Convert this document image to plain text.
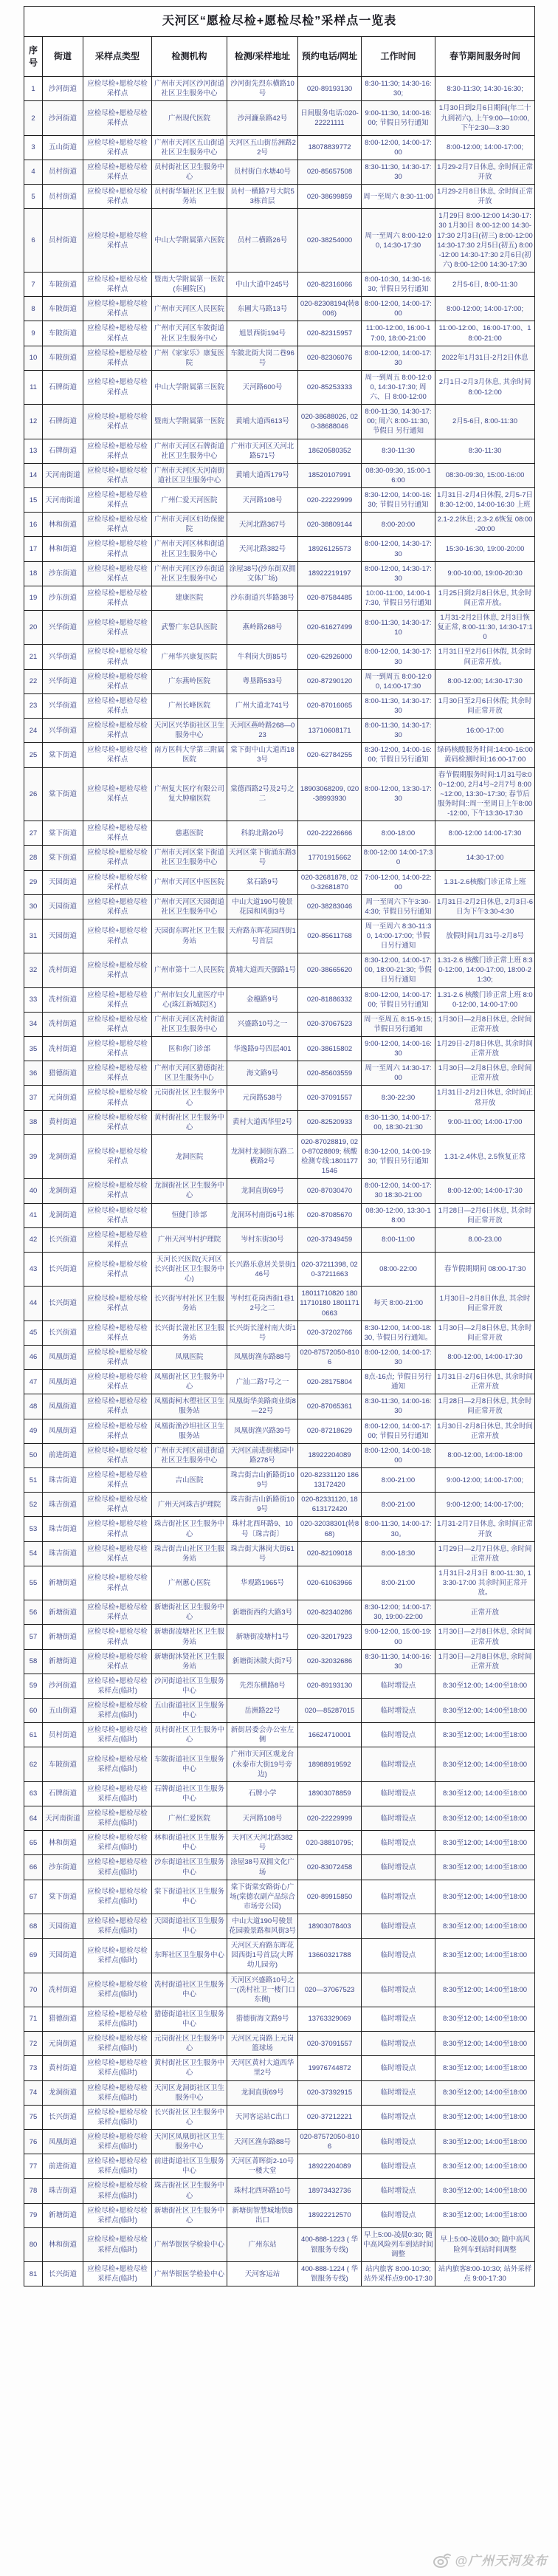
天河区“愿检尽检+愿检尽检”采样点一览表							
序号	街道	采样点类型	检测机构	检测/采样地址	预约电话/网址	工作时间	春节期间服务时间
1	沙河街道	应检尽检+愿检尽检采样点	广州市天河区沙河街道社区卫生服务中心	沙河街先烈东横路10号	020-89193130	8:30-11:30; 14:30-16:30;	8:30-11:30; 14:30-16:30;
2	沙河街道	应检尽检+愿检尽检采样点	广州现代医院	沙河濂泉路42号	日间服务电话:020-22221111	9:00-11:30, 14:00-16:00; 节假日另行通知	1月30日到2月6日期间(年二十九到初六), 上午9:00—10:00, 下午2:30—3:30
3	五山街道	应检尽检+愿检尽检采样点	广州市天河区五山街道社区卫生服务中心	天河区五山街岳洲路22号	18078839772	8:00-12:00, 14:00-17:00	8:00-12:00; 14:00-17:00;
4	员村街道	应检尽检+愿检尽检采样点	员村街社区卫生服务中心	员村街白水塘40号	020-85657508	8:30-11:30, 14:30-17:30	1月29-2月7日休息, 余时间正常开放
5	员村街道	应检尽检+愿检尽检采样点	员村街华颖社区卫生服务站	员村一横路7号大院53栋首层	020-38699859	周一至周六 8:30-11:00	1月29-2月8日休息, 余时间正常开放
6	员村街道	应检尽检+愿检尽检采样点	中山大学附属第六医院	员村二横路26号	020-38254000	周一至周六 8:00-12:00, 14:30-17:30	1月29日 8:00-12:00 14:30-17:30 1月30日 8:00-12:00 14:30-17:30 2月3日(初三) 8:00-12:00 14:30-17:30 2月5日(初五) 8:00-12:00 14:30-17:30 2月6日(初六) 8:00-12:00 14:30-17:30
7	车陂街道	应检尽检+愿检尽检采样点	暨南大学附属第一医院(东圃院区)	中山大道中245号	020-82316066	8:00-10:30, 14:30-16:30; 节假日另行通知	2月5-6日, 8:00-11:30
8	车陂街道	应检尽检+愿检尽检采样点	广州市天河区人民医院	东圃大马路13号	020-82308194(转8006)	8:00-12:00, 14:00-17:00	8:00-12:00; 14:00-17:00;
9	车陂街道	应检尽检+愿检尽检采样点	广州市天河区车陂街道社区卫生服务中心	旭景西街194号	020-82315957	11:00-12:00, 16:00-17:00, 18:00-21:00	11:00-12:00、16:00-17:00、18:00-21:00
10	车陂街道	应检尽检+愿检尽检采样点	广州《家家乐》康复医院	车陂北街大岗二巷96号	020-82306076	8:00-12:00, 14:00-17:30	2022年1月31日-2月2日休息
11	石牌街道	应检尽检+愿检尽检采样点	中山大学附属第三医院	天河路600号	020-85253333	周一到周五 8:00-12:00, 14:30-17:30; 周六、日 8:00-12:00	2月1日-2月3月休息, 其余时间8:00-12:00
12	石牌街道	应检尽检+愿检尽检采样点	暨南大学附属第一医院	黄埔大道西613号	020-38688026, 020-38688046	8:00-11:30, 14:30-17:00; 周六 8:00-11:30, 节假日 另行通知	2月5-6日, 8:00-11:30
13	石牌街道	应检尽检+愿检尽检采样点	广州市天河区石牌街道社区卫生服务中心	广州市天河区天河北路571号	18620580352	8:30-11:30	8:30-11:30
14	天河南街道	应检尽检+愿检尽检采样点	广州市天河区天河南街道社区卫生服务中心	黄埔大道西179号	18520107991	08:30-09:30, 15:00-16:00	08:30-09:30, 15:00-16:00
15	天河南街道	应检尽检+愿检尽检采样点	广州仁爱天河医院	天河路108号	020-22229999	8:30-12:00, 14:00-16:30; 节假日另行通知	1月31日-2月4日休假, 2月5-7日 8:30-12:00, 14:00-16:30 上班
16	林和街道	应检尽检+愿检尽检采样点	广州市天河区妇幼保健院	天河北路367号	020-38809144	8:00-20:00	2.1-2.2休息; 2.3-2.6恢复 08:00-20:00
17	林和街道	应检尽检+愿检尽检采样点	广州市天河区林和街道社区卫生服务中心	天河北路382号	18926125573	8:00-12:00, 14:30-17:30	15:30-16:30, 19:00-20:00
18	沙东街道	应检尽检+愿检尽检采样点	广州市天河区沙东街道社区卫生服务中心	涂屋38号(沙东街双拥文体广场)	18922219197	8:00-12:00, 14:30-17:30	9:00-10:00, 19:00-20:30
19	沙东街道	应检尽检+愿检尽检采样点	建康医院	沙东街道兴华路38号	020-87584485	10:00-11:00, 14:00-17:30, 节假日另行通知	1月25日到2月8日休息, 其余时间正常开放。
20	兴华街道	应检尽检+愿检尽检采样点	武警广东总队医院	燕岭路268号	020-61627499	8:00-11:30, 14:30-17:10	1月31-2月2日休息, 2月3日恢复正常, 8:00-11:30, 14:30-17:10
21	兴华街道	应检尽检+愿检尽检采样点	广州华兴康复医院	牛利岗大街85号	020-62926000	8:00-12:00, 14:30-17:30	1月31日至2月6日休假, 其余时间正常开放。
22	兴华街道	应检尽检+愿检尽检采样点	广东燕岭医院	粤垦路533号	020-87290120	周一到周五 8:00-12:00, 14:00-17:30	8:00-12:00; 14:30-17:30
23	兴华街道	应检尽检+愿检尽检采样点	广州长峰医院	广州大道北741号	020-87016065	8:00-11:30, 14:30-17:30	1月30日至2月6日休假; 其余时间正常开放
24	兴华街道	应检尽检+愿检尽检采样点	天河区兴华街社区卫生服务中心	天河区燕岭路268—023	13710608171	8:00-11:30, 14:30-17:30	16:00-17:00
25	棠下街道	应检尽检+愿检尽检采样点	南方医科大学第三附属医院	棠下街中山大道西183号	020-62784255	8:30-12:00, 14:00-16:00; 节假日另行通知	绿码核酸服务时间:14:00-16:00 黄码检测时间:16:00-17:00
26	棠下街道	应检尽检+愿检尽检采样点	广州复大医疗有限公司复大肿瘤医院	棠德西路2号及2号之二	18903068209, 020-38993930	8:00-12:00, 13:30-17:30	春节假期服务时间:1月31号8:00~12:00, 2月4号~2月7号 8:00~12:00, 13:30~17:30; 春节后服务时间::周一至周日上午8:00-12:00, 下午13:30-17:30
27	棠下街道	应检尽检+愿检尽检采样点	慈惠医院	科韵北路20号	020-22226666	8:00-18:00	8:00-12:00 14:00-17:30
28	棠下街道	应检尽检+愿检尽检采样点	广州市天河区棠下街道社区卫生服务中心	天河区棠下街涌东路3号	17701915662	8:00-12:00 14:00-17:30	14:30-17:00
29	天园街道	应检尽检+愿检尽检采样点	广州市天河区中医医院	棠石路9号	020-32681878, 020-32681870	7:00-12:00, 14:00-22:00	1.31-2.6核酸门诊正常上班
30	天园街道	应检尽检+愿检尽检采样点	广州市天河区天园街道社区卫生服务中心	中山大道190号骏景花园和风街3号	020-38283046	周一至周六下午3:30-4:30; 节假日另行通知	1月31日-2月2日休息, 2月3日-6日为下午3:30-4:30
31	天园街道	应检尽检+愿检尽检采样点	天园街东晖社区卫生服务站	天府路东晖花园西街1号首层	020-85611768	周一至周六 8:30-11:30, 14:00-17:00; 节假日另行通知	放假时间1月31号-2月8号
32	冼村街道	应检尽检+愿检尽检采样点	广州市第十二人民医院	黄埔大道西天强路1号	020-38665620	8:30-12:00, 14:00-17:00, 18:00-21:30; 节假日另行通知	1.31-2.6 核酸门诊正常上班 8:30-12:00, 14:00-17:00, 18:00-21:30;
33	冼村街道	应检尽检+愿检尽检采样点	广州市妇女儿童医疗中心(珠江新城院区)	金穗路9号	020-81886332	8:00-12:00, 14:00-17:00; 节假日另行通知	1.31-2.6 核酸门诊正常上班 8:00-12:00, 14:00-17:00
34	冼村街道	应检尽检+愿检尽检采样点	广州市天河区冼村街道社区卫生服务中心	兴盛路10号之一	020-37067523	周一至周五 8:15-9:15; 节假日另行通知	1月30日—2月8日休息, 余时间正常开放
35	冼村街道	应检尽检+愿检尽检采样点	医和你门诊部	华逸路9号四层401	020-38615802	9:00-12:00, 14:00-16:30	1月29日-2月8日休息, 其余时间正常开放
36	猎德街道	应检尽检+愿检尽检采样点	广州市天河区猎德街社区卫生服务中心	海文路9号	020-85603559	周一至周六 14:30-17:00	1月30日—2月8日休息, 余时间正常开放
37	元岗街道	应检尽检+愿检尽检采样点	元岗街社区卫生服务中心	元岗路538号	020-37091557	8:30-22:30	1月31日-2月2日休息, 余时间正常开放
38	黄村街道	应检尽检+愿检尽检采样点	黄村街社区卫生服务中心	黄村大道西华里2号	020-82520933	8:30-11:30, 14:00-17:00, 18:30-21:30	9:00-11:00; 14:00-17:00
39	龙洞街道	应检尽检+愿检尽检采样点	龙洞医院	龙洞村龙洞街东路二横路2号	020-87028819, 020-87028809; 核酸检测专线:18011771546	8:30-12:00, 14:00-19:30; 节假日另行通知	1.31-2.4休息, 2.5恢复正常
40	龙洞街道	应检尽检+愿检尽检采样点	龙洞街社区卫生服务中心	龙洞直街69号	020-87030470	8:00-12:00, 14:00-17:30 18:30-21:00	8:00-12:00; 14:00-17:30
41	龙洞街道	应检尽检+愿检尽检采样点	恒健门诊部	龙洞环村南街6号1栋	020-87085670	08:30-12:00, 13:30-18:00	1月28日—2月6日休息, 其余时间正常开放
42	长兴街道	应检尽检+愿检尽检采样点	广州天河岑村护理院	岑村东街30号	020-37349459	8:00-11:00	8.00-23.00
43	长兴街道	应检尽检+愿检尽检采样点	天河长兴医院(天河区长兴街社区卫生服务中心)	长兴路乐意居关景街146号	020-37211398, 020-37211663	08:00-22:00	春节假期期间 08:00-17:30
44	长兴街道	应检尽检+愿检尽检采样点	长兴街岑村社区卫生服务站	岑村红花岗西街1巷12号之二	18011710820 18011710180 18011710663	每天 8:00-21:00	1月30日~2月8日休息, 其余时间正常开放
45	长兴街道	应检尽检+愿检尽检采样点	长兴街长湴社区卫生服务站	长兴街长湴村南大街1号	020-37202766	8:30-12:00, 14:00-18:30, 节假日另行通知。	1月30日—2月8日休息, 其余时间正常开放
46	凤凰街道	应检尽检+愿检尽检采样点	凤凰医院	凤凰街渔东路88号	020-87572050-8106	8:00-12:00, 14:00-17:30	8:00-12:00, 14:00-17:30
47	凤凰街道	应检尽检+愿检尽检采样点	凤凰街社区卫生服务中心	广汕二路7号之一	020-28175804	8点-16点; 节假日另行通知	1月31日-2月6日休息, 其余时间正常开放
48	凤凰街道	应检尽检+愿检尽检采样点	凤凰街柯木塱社区卫生服务站	凤凰街华美路商业街8—22号	020-87065361	8:30-11:30, 14:00-16:30	1月28日—2月8日休息, 其余时间正常开放
49	凤凰街道	应检尽检+愿检尽检采样点	凤凰街渔沙坦社区卫生服务站	凤凰街渔兴路39号	020-87218629	8:00-12:00, 14:00-17:00; 节假日另行通知	1月30日-2月8日休息, 其余时间正常开放
50	前进街道	应检尽检+愿检尽检采样点	广州市天河区前进街道社区卫生服务中心	天河区前进街桃园中路278号	18922204089	8:00-12:00, 14:00-18:00	8:00-12:00, 14:00-18:00
51	珠吉街道	应检尽检+愿检尽检采样点	吉山医院	珠吉街吉山新路街109号	020-82331120 18613172420	8:00-21:00	9:00-12:00; 14:00-17:00;
52	珠吉街道	应检尽检+愿检尽检采样点	广州天河珠吉护理院	珠吉街吉山新路街109号	020-82331120, 18613172420	8:00-21:00	9:00-12:00; 14:00-17:00;
53	珠吉街道	应检尽检+愿检尽检采样点	珠吉街社区卫生服务中心	珠村北西环路9、10号〔珠吉街〕	020-32038301(转868)	8:00-11:30, 14:00-17:30。	1月31-2月7日休息, 余时间正常开放
54	珠吉街道	应检尽检+愿检尽检采样点	珠吉街吉山社区卫生服务站	珠吉街大淋岗大街61号	020-82109018	8:00-18:30	1月29日—2月7日休息, 余时间正常开放
55	新塘街道	应检尽检+愿检尽检采样点	广州蕙心医院	华观路1965号	020-61063966	8:00-21:00	1月31日-2月3日 8:00-11:30, 13:30-17:00 其余时间正常开放。
56	新塘街道	应检尽检+愿检尽检采样点	新塘街社区卫生服务中心	新塘街西约大路3号	020-82340286	8:30-12:00; 14:00-17:30, 19:00-22:00	正常开放
57	新塘街道	应检尽检+愿检尽检采样点	新塘街凌塘社区卫生服务站	新塘街凌塘村1号	020-32017923	9:00-12:00, 15:00-19:00	1月30日—2月8日休息, 余时间正常开放
58	新塘街道	应检尽检+愿检尽检采样点	新塘街沐贤社区卫生服务站	新塘街沐陂大街7号	020-32032686	8:30-11:30, 14:00-16:30	1月30日—2月8日休息, 余时间正常开放
59	沙河街道	应检尽检+愿检尽检采样点(临时)	沙河街道社区卫生服务中心	先烈东横路8号	020-89193130	临时增设点	8:30至12:00; 14:00至18:00
60	五山街道	应检尽检+愿检尽检采样点(临时)	五山街道社区卫生服务中心	岳洲路22号	020—85287015	临时增设点	8:30至12:00; 14:00至18:00
61	员村街道	应检尽检+愿检尽检采样点(临时)	员村街社区卫生服务中心	新街居委会办公室左侧	16624710001	临时增设点	8:30至12:00; 14:00至18:00
62	车陂街道	应检尽检+愿检尽检采样点(临时)	车陂街道社区卫生服务中心	广州市天河区观龙台(永泰市大街19号旁边)	18988919592	临时增设点	8:30至12:00; 14:00至18:00
63	石牌街道	应检尽检+愿检尽检采样点(临时)	石牌街道社区卫生服务中心	石牌小学	18903078859	临时增设点	8:30至12:00; 14:00至18:00
64	天河南街道	应检尽检+愿检尽检采样点(临时)	广州仁爱医院	天河路108号	020-22229999	临时增设点	8:30至12:00; 14:00至18:00
65	林和街道	应检尽检+愿检尽检采样点(临时)	林和街道社区卫生服务中心	天河区天河北路382号	020-38810795;	临时增设点	8:30至12:00; 14:00至18:00
66	沙东街道	应检尽检+愿检尽检采样点(临时)	沙东街道社区卫生服务中心	涂屋38号双拥文化广场	020-83072458	临时增设点	8:30至12:00; 14:00至18:00
67	棠下街道	应检尽检+愿检尽检采样点(临时)	棠下街道社区卫生服务中心	棠下街棠安路街心广场(棠德农副产品综合市场旁公园)	020-89915850	临时增设点	8:30至12:00; 14:00至18:00
68	天园街道	应检尽检+愿检尽检采样点(临时)	天园街道社区卫生服务中心	中山大道190号骏景花园骏景路和风街3号	18903078403	临时增设点	8:30至12:00; 14:00至18:00
69	天园街道	应检尽检+愿检尽检采样点(临时)	东晖社区卫生服务中心	天河区天府路东晖花园西街1号首层(大晖幼儿园旁)	13660321788	临时增设点	8:30至12:00; 14:00至18:00
70	冼村街道	应检尽检+愿检尽检采样点(临时)	冼村街道社区卫生服务中心	天河区兴盛路10号之一(冼村社卫一楼门口东侧)	020—37067523	临时增设点	8:30至12:00; 14:00至18:00
71	猎德街道	应检尽检+愿检尽检采样点(临时)	猎德街道社区卫生服务中心	猎德街海文路9号	13763329069	临时增设点	8:30至12:00; 14:00至18:00
72	元岗街道	应检尽检+愿检尽检采样点(临时)	元岗街社区卫生服务中心	天河区元岗路上元岗篮球场	020-37091557	临时增设点	8:30至12:00; 14:00至18:00
73	黄村街道	应检尽检+愿检尽检采样点(临时)	黄村街社区卫生服务中心	天河区黄村大道西华里2号	19976744872	临时增设点	8:30至12:00; 14:00至18:00
74	龙洞街道	应检尽检+愿检尽检采样点(临时)	天河区龙洞街社区卫生服务中心	龙洞直街69号	020-37392915	临时增设点	8:30至12:00; 14:00至18:00
75	长兴街道	应检尽检+愿检尽检采样点(临时)	长兴街社区卫生服务中心	天河客运站C出口	020-37212221	临时增设点	8:30至12:00; 14:00至18:00
76	凤凰街道	应检尽检+愿检尽检采样点(临时)	天河区凤凰街社区卫生服务中心	天河区渔东路88号	020-87572050-8106	临时增设点	8:30至12:00; 14:00至18:00
77	前进街道	应检尽检+愿检尽检采样点(临时)	前进街道社区卫生服务中心	天河区菁晖街2-10号一楼大堂	18922204089	临时增设点	8:30至12:00; 14:00至18:00
78	珠吉街道	应检尽检+愿检尽检采样点(临时)	珠吉街社区卫生服务中心	珠村北西环路10号	18973432736	临时增设点	8:30至12:00; 14:00至18:00
79	新塘街道	应检尽检+愿检尽检采样点(临时)	新塘街社区卫生服务中心	新塘街智慧城地铁B出口	18922212570	临时增设点	8:30至12:00; 14:00至18:00
80	林和街道	应检尽检+愿检尽检采样点(临时)	广州华银医学检验中心	广州东站	400-888-1223 ( 华银服务专线)	早上5:00-凌晨0:30; 随中高风险列车到站时间调整	早上5:00-凌晨0:30; 随中高风险列车到站时间调整
81	长兴街道	应检尽检+愿检尽检采样点(临时)	广州华银医学检验中心	天河客运站	400-888-1224 ( 华银服务专线)	站内旅客 8:00-10:30; 站外采样点9:00-17:30	站内旅客8:00-10:30; 站外采样点 9:00-17:30
@广州天河发布
